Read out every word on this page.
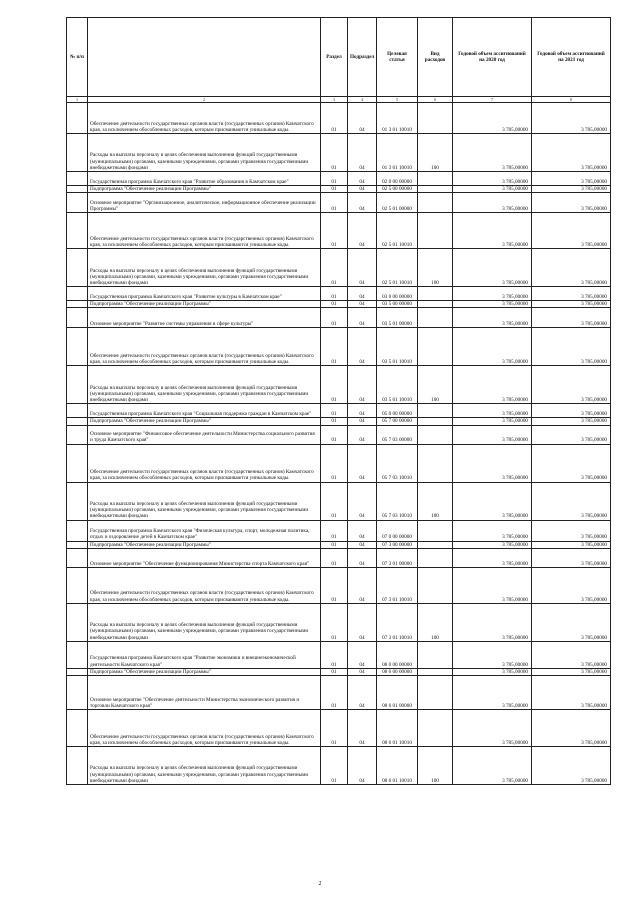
№ п/п		Раздел	Подраздел	Целевая статья	Вид расходов	Годовой объем ассигнований на 2020 год	Годовой объем ассигнований на 2021 год
1	2	3	4	5	6	7	8
	Обеспечение деятельности государственных органов власти (государственных органов) Камчатского края, за исключением обособленных расходов, которым присваиваются уникальные коды.	01	04	01 3 01 10010		3 785,00000	3 785,00000
	Расходы на выплаты персоналу в целях обеспечения выполнения функций государственными (муниципальными) органами, казенными учреждениями, органами управления государственными внебюджетными фондами	01	04	01 3 01 10010	100	3 785,00000	3 785,00000
	Государственная программа Камчатского края "Развитие образования в Камчатском крае"	01	04	02 0 00 00000		3 785,00000	3 785,00000
	Подпрограмма "Обеспечение реализации Программы"	01	04	02 5 00 00000		3 785,00000	3 785,00000
	Основное мероприятие "Организационное, аналитическое, информационное обеспечение реализации Программы"	01	04	02 5 01 00000		3 785,00000	3 785,00000
	Обеспечение деятельности государственных органов власти (государственных органов) Камчатского края, за исключением обособленных расходов, которым присваиваются уникальные коды.	01	04	02 5 01 10010		3 785,00000	3 785,00000
	Расходы на выплаты персоналу в целях обеспечения выполнения функций государственными (муниципальными) органами, казенными учреждениями, органами управления государственными внебюджетными фондами	01	04	02 5 01 10010	100	3 785,00000	3 785,00000
	Государственная программа Камчатского края "Развитие культуры в Камчатском крае"	01	04	03 0 00 00000		3 785,00000	3 785,00000
	Подпрограмма "Обеспечение реализации Программы"	01	04	03 5 00 00000		3 785,00000	3 785,00000
	Основное мероприятие "Развитие системы управления в сфере культуры"	01	04	03 5 01 00000		3 785,00000	3 785,00000
	Обеспечение деятельности государственных органов власти (государственных органов) Камчатского края, за исключением обособленных расходов, которым присваиваются уникальные коды.	01	04	03 5 01 10010		3 785,00000	3 785,00000
	Расходы на выплаты персоналу в целях обеспечения выполнения функций государственными (муниципальными) органами, казенными учреждениями, органами управления государственными внебюджетными фондами	01	04	03 5 01 10010	100	3 785,00000	3 785,00000
	Государственная программа Камчатского края "Социальная поддержка граждан в Камчатском крае"	01	04	05 0 00 00000		3 785,00000	3 785,00000
	Подпрограмма "Обеспечение реализации Программы"	01	04	05 7 00 00000		3 785,00000	3 785,00000
	Основное мероприятие "Финансовое обеспечение деятельности Министерства социального развития и труда Камчатского края"	01	04	05 7 03 00000		3 785,00000	3 785,00000
	Обеспечение деятельности государственных органов власти (государственных органов) Камчатского края, за исключением обособленных расходов, которым присваиваются уникальные коды.	01	04	05 7 03 10010		3 785,00000	3 785,00000
	Расходы на выплаты персоналу в целях обеспечения выполнения функций государственными (муниципальными) органами, казенными учреждениями, органами управления государственными внебюджетными фондами	01	04	05 7 03 10010	100	3 785,00000	3 785,00000
	Государственная программа Камчатского края "Физическая культура, спорт, молодежная политика, отдых и оздоровление детей в Камчатском крае"	01	04	07 0 00 00000		3 785,00000	3 785,00000
	Подпрограмма "Обеспечение реализации Программы"	01	04	07 3 00 00000		3 785,00000	3 785,00000
	Основное мероприятие "Обеспечение функционирования Министерства спорта Камчатского края"	01	04	07 3 01 00000		3 785,00000	3 785,00000
	Обеспечение деятельности государственных органов власти (государственных органов) Камчатского края, за исключением обособленных расходов, которым присваиваются уникальные коды.	01	04	07 3 01 10010		3 785,00000	3 785,00000
	Расходы на выплаты персоналу в целях обеспечения выполнения функций государственными (муниципальными) органами, казенными учреждениями, органами управления государственными внебюджетными фондами	01	04	07 3 01 10010	100	3 785,00000	3 785,00000
	Государственная программа Камчатского края "Развитие экономики и внешнеэкономической деятельности Камчатского края"	01	04	08 0 00 00000		3 785,00000	3 785,00000
	Подпрограмма "Обеспечение реализации Программы"	01	04	08 6 00 00000		3 785,00000	3 785,00000
	Основное мероприятие "Обеспечение деятельности Министерства экономического развития и торговли Камчатского края"	01	04	08 6 01 00000		3 785,00000	3 785,00000
	Обеспечение деятельности государственных органов власти (государственных органов) Камчатского края, за исключением обособленных расходов, которым присваиваются уникальные коды.	01	04	08 6 01 10010		3 785,00000	3 785,00000
	Расходы на выплаты персоналу в целях обеспечения выполнения функций государственными (муниципальными) органами, казенными учреждениями, органами управления государственными внебюджетными фондами	01	04	08 6 01 10010	100	3 785,00000	3 785,00000
2
